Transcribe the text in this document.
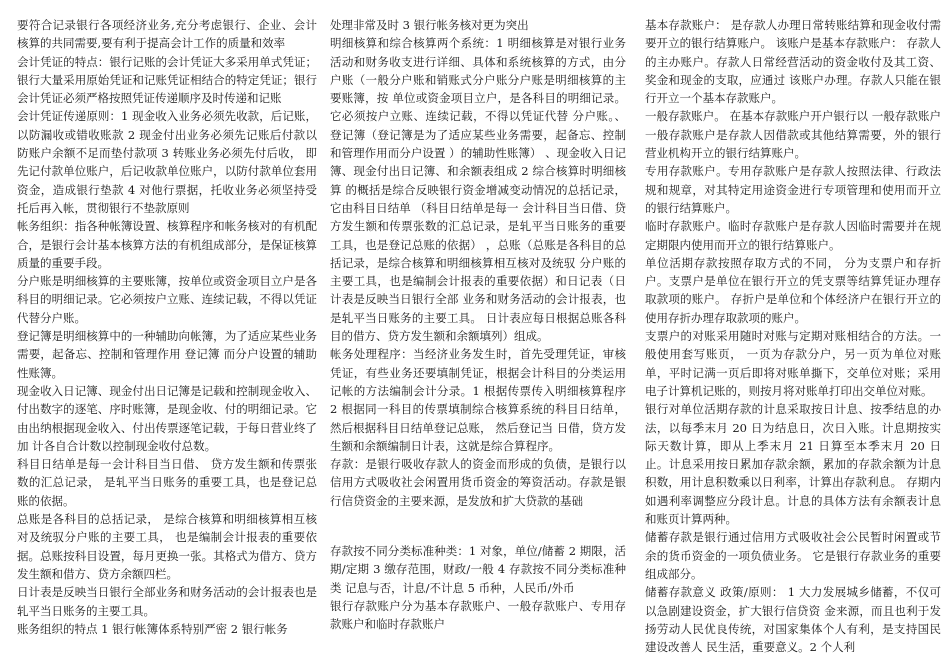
要符合记录银行各项经济业务,充分考虑银行、企业、会计核算的共同需要,要有利于提高会计工作的质量和效率

会计凭证的特点：银行记账的会计凭证大多采用单式凭证； 银行大量采用原始凭证和记账凭证相结合的特定凭证；银行会计凭证必须严格按照凭证传递顺序及时传递和记账

会计凭证传递原则：1 现金收入业务必须先收款，后记账，以防漏收或错收账款 2 现金付出业务必须先记账后付款以防账户余额不足而垫付款项 3 转账业务必须先付后收， 即先记付款单位账户，后记收款单位账户，以防付款单位套用资金，造成银行垫款 4 对他行票据，托收业务必须坚持受托后再入帐，贯彻银行不垫款原则

帐务组织：指各种帐簿设置、核算程序和帐务核对的有机配合，是银行会计基本核算方法的有机组成部分，是保证核算质量的重要手段。

分户账是明细核算的主要账簿，按单位或资金项目立户是各科目的明细记录。它必须按户立账、连续记载，不得以凭证代替分户账。

登记簿是明细核算中的一种辅助向帐簿，为了适应某些业务需要，起备忘、控制和管理作用 登记簿 而分户设置的辅助性账簿。

现金收入日记簿、现金付出日记簿是记载和控制现金收入、付出数字的逐笔、序时账簿，是现金收、付的明细记录。它由出纳根据现金收入、付出传票逐笔记载，于每日营业终了加 计各自合计数以控制现金收付总数。

科目日结单是每一会计科目当日借、 贷方发生额和传票张数的汇总记录， 是轧平当日账务的重要工具，也是登记总账的依据。

总账是各科目的总括记录， 是综合核算和明细核算相互核对及统驭分户账的主要工具， 也是编制会计报表的重要依据。总账按科目设置，每月更换一张。其格式为借方、贷方发生额和借方、贷方余额四栏。

日计表是反映当日银行全部业务和财务活动的会计报表也是轧平当日账务的主要工具。

账务组织的特点 1 银行帐簿体系特别严密 2 银行帐务

处理非常及时 3 银行帐务核对更为突出

明细核算和综合核算两个系统：1 明细核算是对银行业务活动和财务收支进行详细、具体和系统核算的方式，由分户账（一般分户账和销账式分户账分户账是明细核算的主要账簿，按 单位或资金项目立户，是各科目的明细记录。它必须按户立账、连续记载，不得以凭证代替 分户账。、登记簿（登记簿是为了适应某些业务需要，起备忘、控制和管理作用而分户设置 ）的辅助性账簿） 、现金收入日记簿、现金付出日记簿、和余额表组成 2 综合核算时明细核算 的概括是综合反映银行资金增减变动情况的总括记录， 它由科目日结单 （科目日结单是每一 会计科目当日借、贷方发生额和传票张数的汇总记录，是轧平当日账务的重要工具，也是登记总账的依据） ，总账（总账是各科目的总括记录，是综合核算和明细核算相互核对及统驭 分户账的主要工具，也是编制会计报表的重要依据）和日记表（日计表是反映当日银行全部 业务和财务活动的会计报表，也是轧平当日账务的主要工具。 日计表应每日根据总账各科目的借方、贷方发生额和余额填列）组成。

帐务处理程序：当经济业务发生时，首先受理凭证，审核凭证，有些业务还要填制凭证，根据会计科目的分类运用记帐的方法编制会计分录。1 根据传票传入明细核算程序 2 根据同一科目的传票填制综合核算系统的科目日结单， 然后根据科目日结单登记总账， 然后登记当 日借，贷方发生额和余额编制日计表，这就是综合算程序。

存款：是银行吸收存款人的资金而形成的负债，是银行以信用方式吸收社会闲置用货币资金的筹资活动。存款是银行信贷资金的主要来源，是发放和扩大贷款的基础

存款按不同分类标准种类：1 对象，单位/储蓄 2 期限，活期/定期 3 缴存范围，财政/一般 4 存款按不同分类标准种类 记息与否，计息/不计息 5 币种，人民币/外币

银行存款账户分为基本存款账户、一般存款账户、专用存款账户和临时存款账户

基本存款账户： 是存款人办理日常转账结算和现金收付需要开立的银行结算账户。 该账户是基本存款账户： 存款人的主办账户。存款人日常经营活动的资金收付及其工资、奖金和现金的支取，应通过 该账户办理。存款人只能在银行开立一个基本存款账户。

一般存款账户。 在基本存款账户开户银行以 一般存款账户 一般存款账户是存款人因借款或其他结算需要，外的银行营业机构开立的银行结算账户。

专用存款账户。专用存款账户是存款人按照法律、行政法规和规章，对其特定用途资金进行专项管理和使用而开立的银行结算账户。

临时存款账户。临时存款账户是存款人因临时需要并在规定期限内使用而开立的银行结算账户。

单位活期存款按照存取方式的不同， 分为支票户和存折户。支票户是单位在银行开立的凭支票等结算凭证办理存取款项的账户。 存折户是单位和个体经济户在银行开立的使用存折办理存取款项的账户。

支票户的对账采用随时对账与定期对账相结合的方法。一般使用套写账页， 一页为存款分户，另一页为单位对账单，平时记满一页后即将对账单撕下，交单位对账；采用电子计算机记账的，则按月将对账单打印出交单位对账。

银行对单位活期存款的计息采取按日计息、按季结息的办法，以每季末月 20 日为结息日，次日入账。计息期按实际天数计算，即从上季末月 21 日算至本季末月 20 日止。计息采用按日累加存款余额，累加的存款余额为计息积数，用计息积数乘以日利率，计算出存款利息。 存期内如遇利率调整应分段计息。计息的具体方法有余额表计息和账页计算两种。

储蓄存款是银行通过信用方式吸收社会公民暂时闲置或节余的货币资金的一项负债业务。 它是银行存款业务的重要组成部分。

储蓄存款意义 政策/原则： 1 大力发展城乡储蓄，不仅可以急剧建设资金，扩大银行信贷资 金来源，而且也利于发扬劳动人民优良传统，对国家集体个人有利，是支持国民建设改善人 民生活，重要意义。2 个人利
